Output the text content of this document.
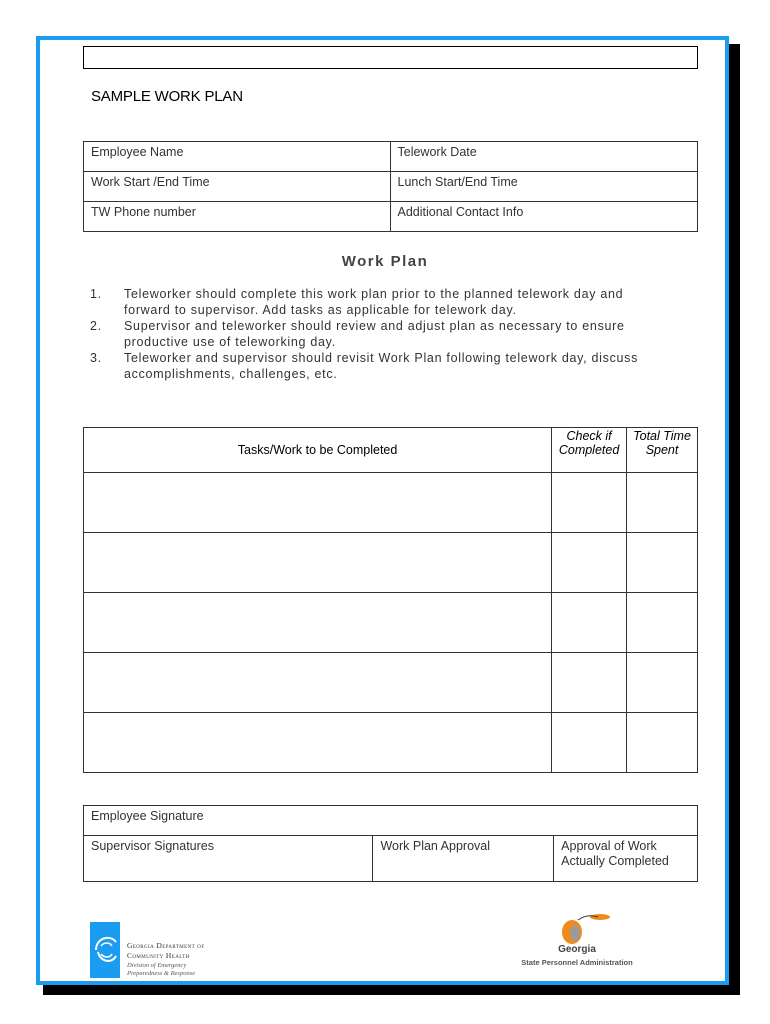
SAMPLE WORK PLAN
Employee Name	Telework Date
Work Start /End Time	Lunch Start/End Time
TW Phone number	Additional Contact Info
Work Plan
1.	Teleworker should complete this work plan prior to the planned telework day and forward to supervisor. Add tasks as applicable for telework day.
2.	Supervisor and teleworker should review and adjust plan as necessary to ensure productive use of teleworking day.
3.	Teleworker and supervisor should revisit Work Plan following telework day, discuss accomplishments, challenges, etc.
Tasks/Work to be Completed	Check if Completed	Total Time Spent

Employee Signature
Supervisor Signatures	Work Plan Approval	Approval of Work Actually Completed
Georgia Department of
Community Health
Division of Emergency
Preparedness & Response
Georgia
State Personnel Administration
